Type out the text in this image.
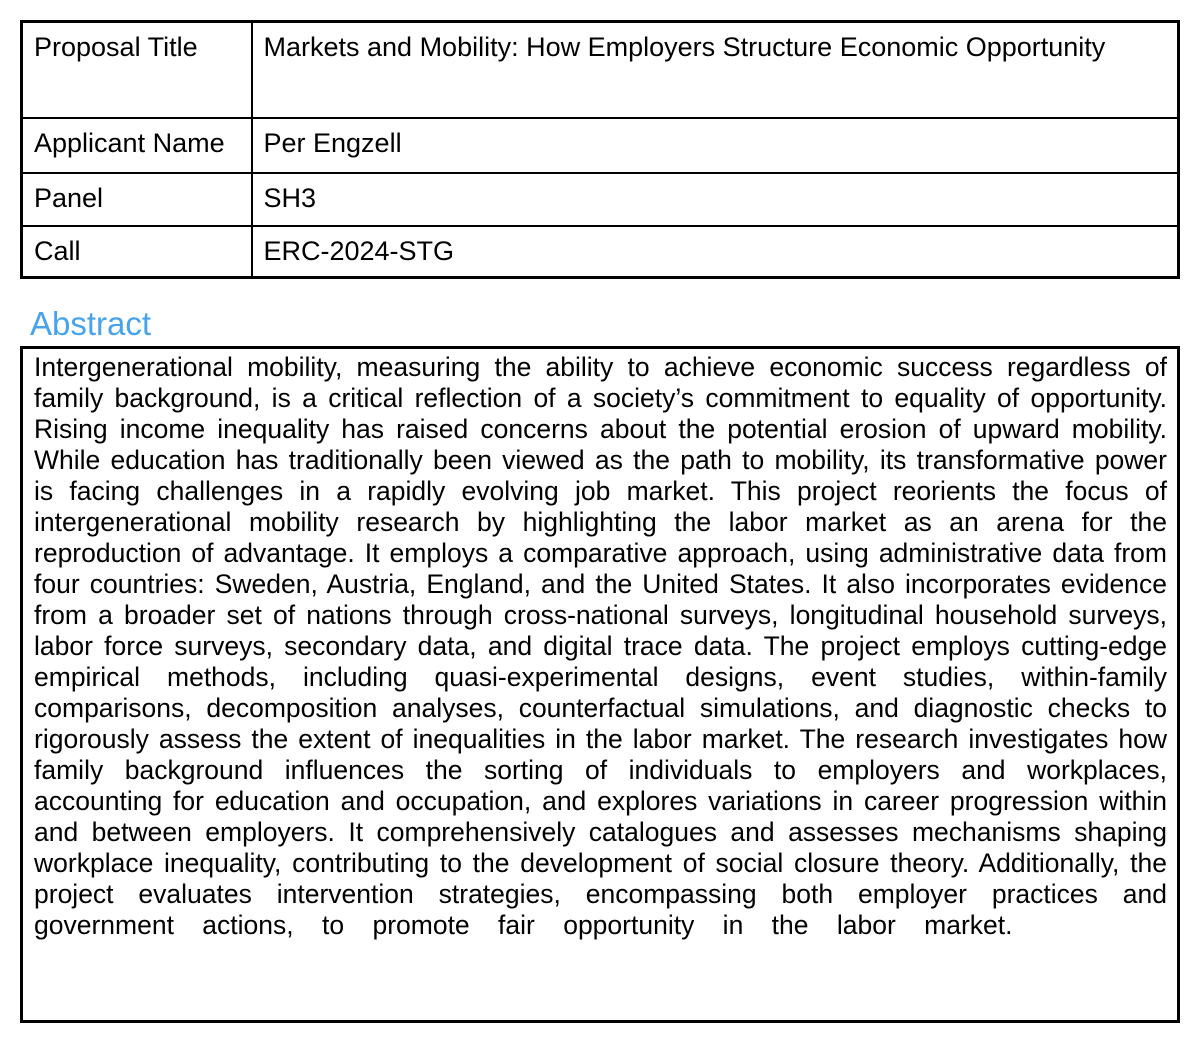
Proposal Title	Markets and Mobility: How Employers Structure Economic Opportunity
Applicant Name	Per Engzell
Panel	SH3
Call	ERC-2024-STG
Abstract
Intergenerational mobility, measuring the ability to achieve economic success regardless of
family background, is a critical reflection of a society’s commitment to equality of opportunity.
Rising income inequality has raised concerns about the potential erosion of upward mobility.
While education has traditionally been viewed as the path to mobility, its transformative power
is facing challenges in a rapidly evolving job market. This project reorients the focus of
intergenerational mobility research by highlighting the labor market as an arena for the
reproduction of advantage. It employs a comparative approach, using administrative data from
four countries: Sweden, Austria, England, and the United States. It also incorporates evidence
from a broader set of nations through cross-national surveys, longitudinal household surveys,
labor force surveys, secondary data, and digital trace data. The project employs cutting-edge
empirical methods, including quasi-experimental designs, event studies, within-family
comparisons, decomposition analyses, counterfactual simulations, and diagnostic checks to
rigorously assess the extent of inequalities in the labor market. The research investigates how
family background influences the sorting of individuals to employers and workplaces,
accounting for education and occupation, and explores variations in career progression within
and between employers. It comprehensively catalogues and assesses mechanisms shaping
workplace inequality, contributing to the development of social closure theory. Additionally, the
project evaluates intervention strategies, encompassing both employer practices and
government actions, to promote fair opportunity in the labor market.
